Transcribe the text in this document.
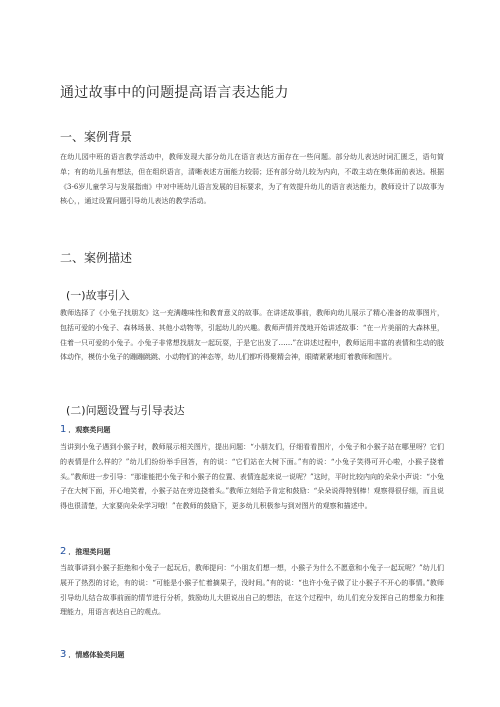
通过故事中的问题提高语言表达能力
一、案例背景

在幼儿园中班的语言教学活动中，教师发现大部分幼儿在语言表达方面存在一些问题。部分幼儿表达时词汇匮乏，语句简单；有的幼儿虽有想法，但在组织语言，清晰表述方面能力较弱；还有部分幼儿较为内向，不敢主动在集体面前表达。根据《3-6岁儿童学习与发展指南》中对中班幼儿语言发展的目标要求，为了有效提升幼儿的语言表达能力，教师设计了以故事为核心，，通过设置问题引导幼儿表达的教学活动。

二、案例描述
(一)故事引入

教师选择了《小兔子找朋友》这一充满趣味性和教育意义的故事。在讲述故事前，教师向幼儿展示了精心准备的故事图片，包括可爱的小兔子、森林场景、其他小动物等，引起幼儿的兴趣。教师声情并茂地开始讲述故事：“在一片美丽的大森林里，住着一只可爱的小兔子。小兔子非常想找朋友一起玩耍，于是它出发了……”在讲述过程中，教师运用丰富的表情和生动的肢体动作，模仿小兔子的蹦蹦跳跳、小动物们的神态等，幼儿们都听得聚精会神，眼睛紧紧地盯着教师和图片。

(二)问题设置与引导表达
1 ．观察类问题

当讲到小兔子遇到小猴子时，教师展示相关图片，提出问题：“小朋友们，仔细看看图片，小兔子和小猴子站在哪里呀？它们的表情是什么样的？”幼儿们纷纷举手回答，有的说：“它们站在大树下面。”有的说：“小兔子笑得可开心啦，小猴子挠着头。”教师进一步引导：“那谁能把小兔子和小猴子的位置、表情连起来说一说呢？”这时，平时比较内向的朵朵小声说：“小兔子在大树下面，开心地笑着，小猴子站在旁边挠着头。”教师立刻给予肯定和鼓励：“朵朵说得特别棒！观察得很仔细，而且说得也很清楚，大家要向朵朵学习哦！”在教师的鼓励下，更多幼儿积极参与到对图片的观察和描述中。

2 ．推理类问题

当故事讲到小猴子拒绝和小兔子一起玩后，教师提问：“小朋友们想一想，小猴子为什么不愿意和小兔子一起玩呢？”幼儿们展开了热烈的讨论，有的说：“可能是小猴子忙着摘果子，没时间。”有的说：“也许小兔子做了让小猴子不开心的事情。”教师引导幼儿结合故事前面的情节进行分析，鼓励幼儿大胆说出自己的想法，在这个过程中，幼儿们充分发挥自己的想象力和推理能力，用语言表达自己的观点。

3 ．情感体验类问题
